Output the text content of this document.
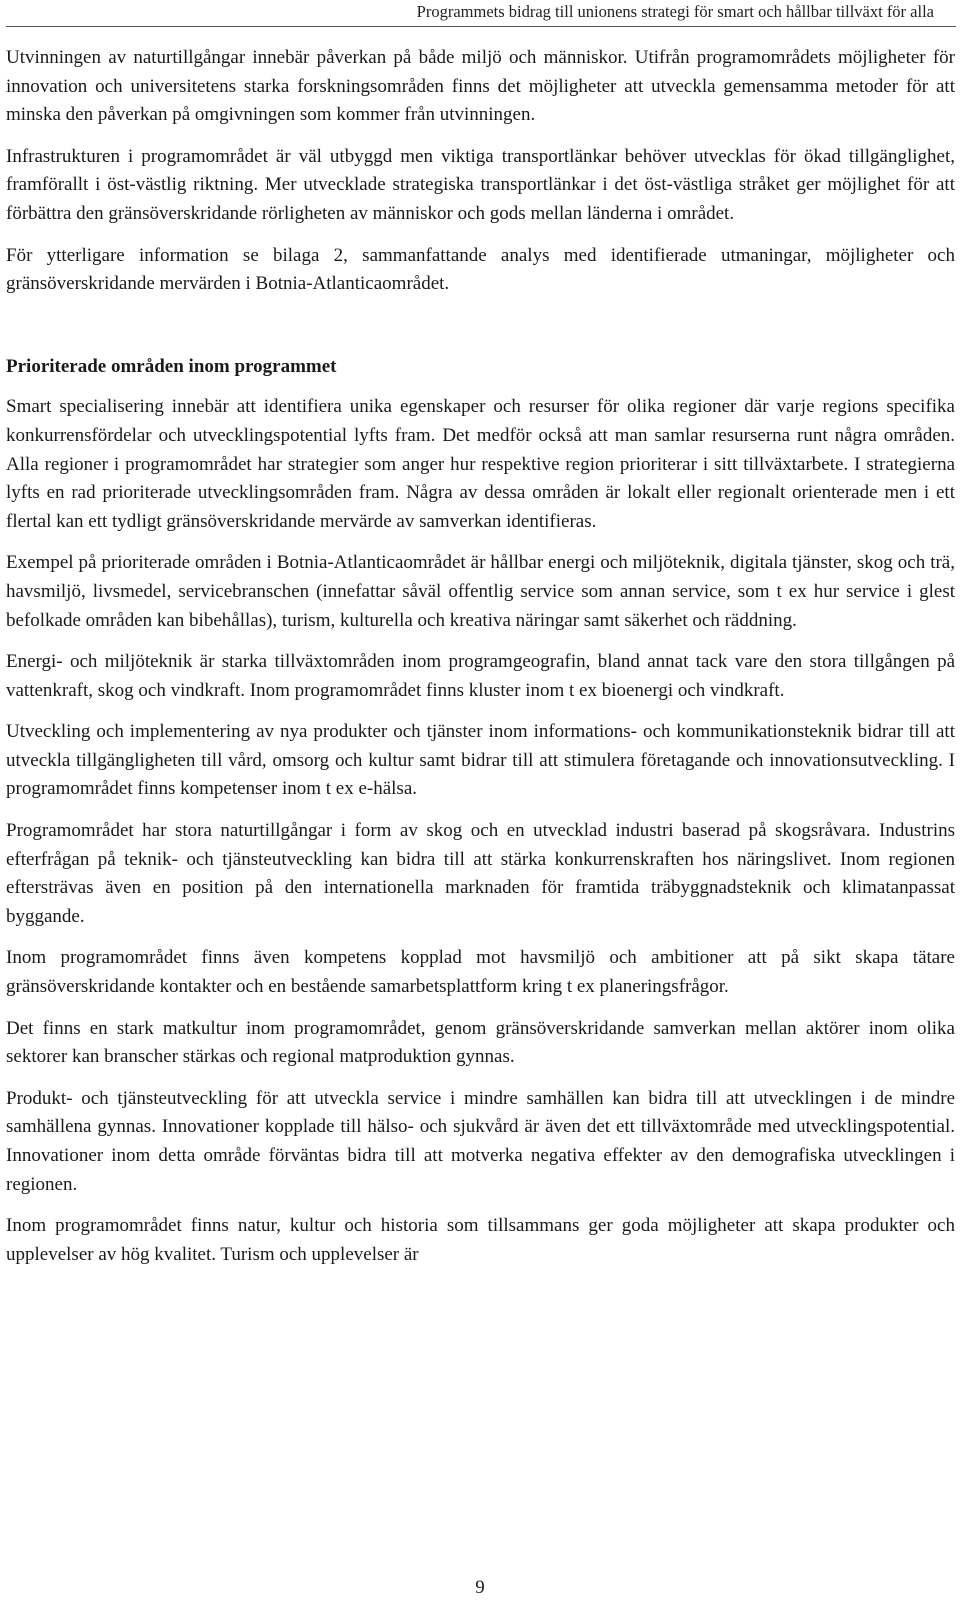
Programmets bidrag till unionens strategi för smart och hållbar tillväxt för alla

Utvinningen av naturtillgångar innebär påverkan på både miljö och människor. Utifrån programområdets möjligheter för innovation och universitetens starka forskningsområden finns det möjligheter att utveckla gemensamma metoder för att minska den påverkan på omgivningen som kommer från utvinningen.

Infrastrukturen i programområdet är väl utbyggd men viktiga transportlänkar behöver utvecklas för ökad tillgänglighet, framförallt i öst-västlig riktning. Mer utvecklade strategiska transportlänkar i det öst-västliga stråket ger möjlighet för att förbättra den gränsöverskridande rörligheten av människor och gods mellan länderna i området.

För ytterligare information se bilaga 2, sammanfattande analys med identifierade utmaningar, möjligheter och gränsöverskridande mervärden i Botnia-Atlanticaområdet.

Prioriterade områden inom programmet

Smart specialisering innebär att identifiera unika egenskaper och resurser för olika regioner där varje regions specifika konkurrensfördelar och utvecklingspotential lyfts fram. Det medför också att man samlar resurserna runt några områden. Alla regioner i programområdet har strategier som anger hur respektive region prioriterar i sitt tillväxtarbete. I strategierna lyfts en rad prioriterade utvecklingsområden fram. Några av dessa områden är lokalt eller regionalt orienterade men i ett flertal kan ett tydligt gränsöverskridande mervärde av samverkan identifieras.

Exempel på prioriterade områden i Botnia-Atlanticaområdet är hållbar energi och miljöteknik, digitala tjänster, skog och trä, havsmiljö, livsmedel, servicebranschen (innefattar såväl offentlig service som annan service, som t ex hur service i glest befolkade områden kan bibehållas), turism, kulturella och kreativa näringar samt säkerhet och räddning.

Energi- och miljöteknik är starka tillväxtområden inom programgeografin, bland annat tack vare den stora tillgången på vattenkraft, skog och vindkraft. Inom programområdet finns kluster inom t ex bioenergi och vindkraft.

Utveckling och implementering av nya produkter och tjänster inom informations- och kommunikationsteknik bidrar till att utveckla tillgängligheten till vård, omsorg och kultur samt bidrar till att stimulera företagande och innovationsutveckling. I programområdet finns kompetenser inom t ex e-hälsa.

Programområdet har stora naturtillgångar i form av skog och en utvecklad industri baserad på skogsråvara. Industrins efterfrågan på teknik- och tjänsteutveckling kan bidra till att stärka konkurrenskraften hos näringslivet. Inom regionen eftersträvas även en position på den internationella marknaden för framtida träbyggnadsteknik och klimatanpassat byggande.

Inom programområdet finns även kompetens kopplad mot havsmiljö och ambitioner att på sikt skapa tätare gränsöverskridande kontakter och en bestående samarbetsplattform kring t ex planeringsfrågor.

Det finns en stark matkultur inom programområdet, genom gränsöverskridande samverkan mellan aktörer inom olika sektorer kan branscher stärkas och regional matproduktion gynnas.

Produkt- och tjänsteutveckling för att utveckla service i mindre samhällen kan bidra till att utvecklingen i de mindre samhällena gynnas. Innovationer kopplade till hälso- och sjukvård är även det ett tillväxtområde med utvecklingspotential. Innovationer inom detta område förväntas bidra till att motverka negativa effekter av den demografiska utvecklingen i regionen.

Inom programområdet finns natur, kultur och historia som tillsammans ger goda möjligheter att skapa produkter och upplevelser av hög kvalitet. Turism och upplevelser är

9
